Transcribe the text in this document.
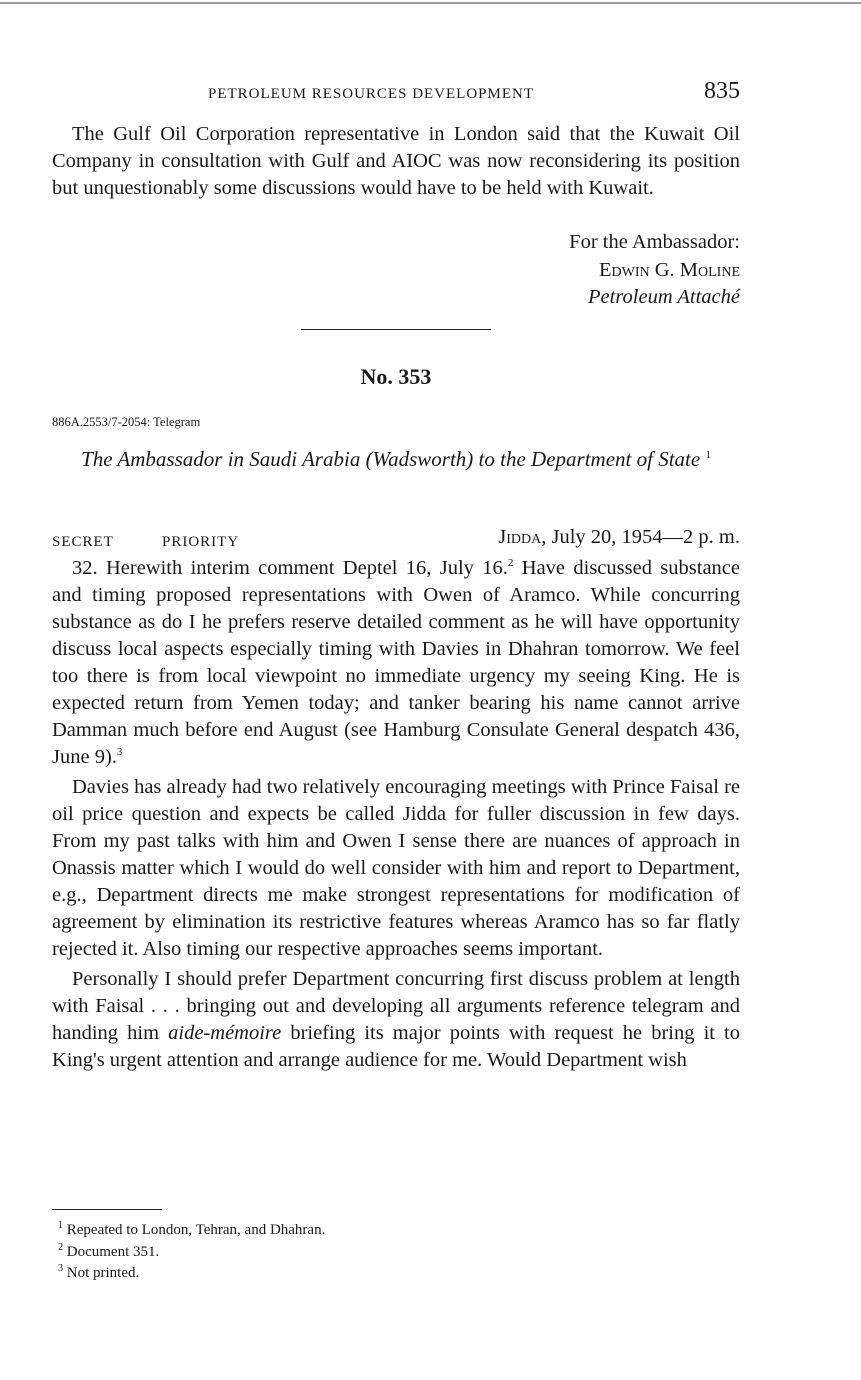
PETROLEUM RESOURCES DEVELOPMENT	835

The Gulf Oil Corporation representative in London said that the Kuwait Oil Company in consultation with Gulf and AIOC was now reconsidering its position but unquestionably some discussions would have to be held with Kuwait.

For the Ambassador:
Edwin G. Moline
Petroleum Attaché
No. 353
886A.2553/7-2054: Telegram
The Ambassador in Saudi Arabia (Wadsworth) to the Department of State $^1$
SECRET	PRIORITY	Jidda, July 20, 1954—2 p. m.

32. Herewith interim comment Deptel 16, July 16.$^2$ Have discussed substance and timing proposed representations with Owen of Aramco. While concurring substance as do I he prefers reserve detailed comment as he will have opportunity discuss local aspects especially timing with Davies in Dhahran tomorrow. We feel too there is from local viewpoint no immediate urgency my seeing King. He is expected return from Yemen today; and tanker bearing his name cannot arrive Damman much before end August (see Hamburg Consulate General despatch 436, June 9).$^3$

Davies has already had two relatively encouraging meetings with Prince Faisal re oil price question and expects be called Jidda for fuller discussion in few days. From my past talks with him and Owen I sense there are nuances of approach in Onassis matter which I would do well consider with him and report to Department, e.g., Department directs me make strongest representations for modification of agreement by elimination its restrictive features whereas Aramco has so far flatly rejected it. Also timing our respective approaches seems important.

Personally I should prefer Department concurring first discuss problem at length with Faisal . . . bringing out and developing all arguments reference telegram and handing him aide-mémoire briefing its major points with request he bring it to King's urgent attention and arrange audience for me. Would Department wish

$^1$ Repeated to London, Tehran, and Dhahran.
$^2$ Document 351.
$^3$ Not printed.
